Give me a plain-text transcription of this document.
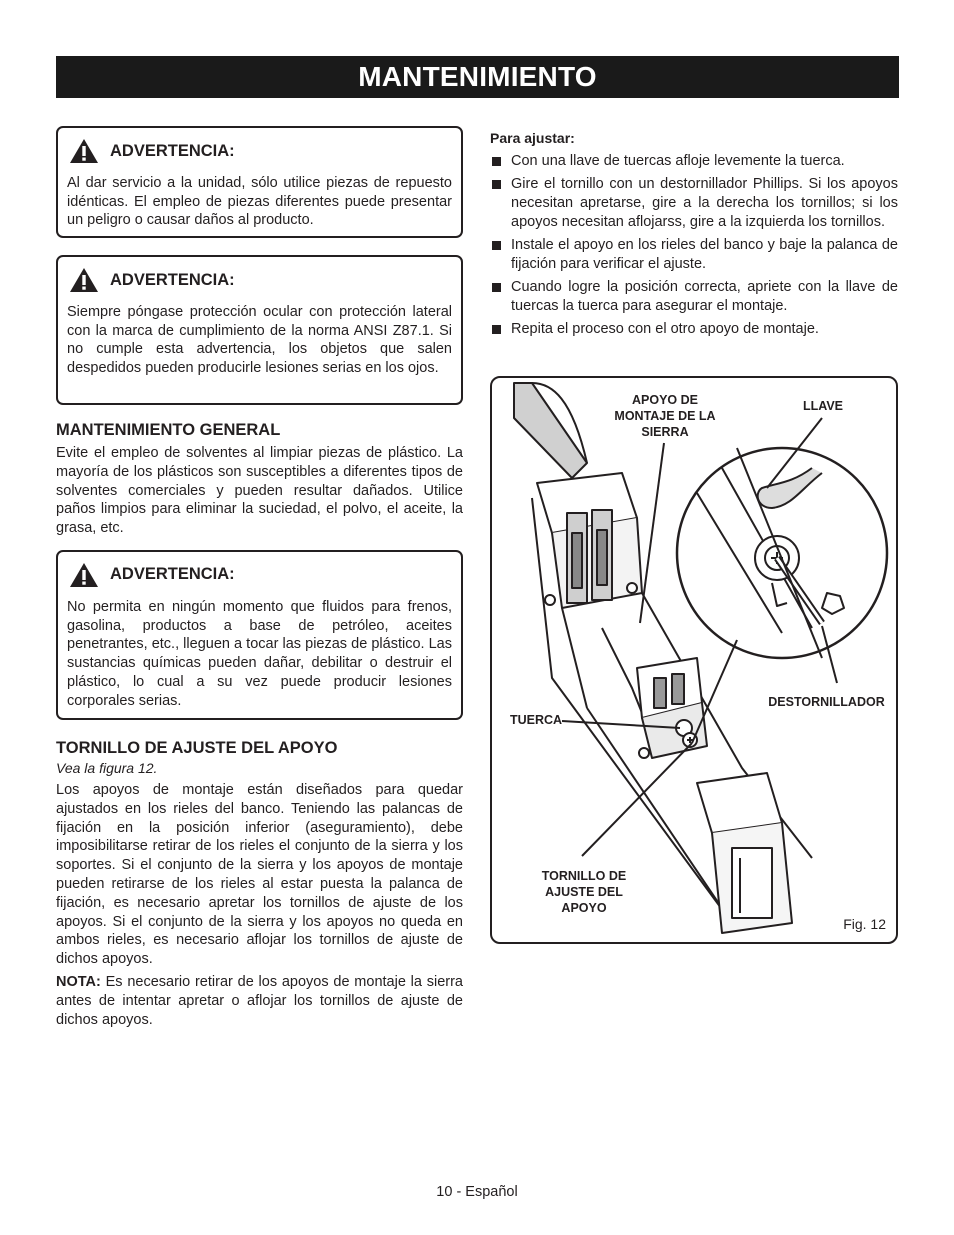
MANTENIMIENTO
ADVERTENCIA:
Al dar servicio a la unidad, sólo utilice piezas de repuesto idénticas. El empleo de piezas diferentes puede presentar un peligro o causar daños al producto.
ADVERTENCIA:
Siempre póngase protección ocular con protección lateral con la marca de cumplimiento de la norma ANSI Z87.1. Si no cumple esta advertencia, los objetos que salen despedidos pueden producirle lesiones serias en los ojos.
MANTENIMIENTO GENERAL
Evite el empleo de solventes al limpiar piezas de plástico. La mayoría de los plásticos son susceptibles a diferentes tipos de solventes comerciales y pueden resultar dañados. Utilice paños limpios para eliminar la suciedad, el polvo, el aceite, la grasa, etc.
ADVERTENCIA:
No permita en ningún momento que fluidos para frenos, gasolina, productos a base de petróleo, aceites penetrantes, etc., lleguen a tocar las piezas de plástico. Las sustancias químicas pueden dañar, debilitar o destruir el plástico, lo cual a su vez puede producir lesiones corporales serias.
TORNILLO DE AJUSTE DEL APOYO
Vea la figura 12.
Los apoyos de montaje están diseñados para quedar ajustados en los rieles del banco. Teniendo las palancas de fijación en la posición inferior (aseguramiento), debe imposibilitarse retirar de los rieles el conjunto de la sierra y los soportes. Si el conjunto de la sierra y los apoyos de montaje pueden retirarse de los rieles al estar puesta la palanca de fijación, es necesario apretar los tornillos de ajuste de los apoyos. Si el conjunto de la sierra y los apoyos no queda en ambos rieles, es necesario aflojar los tornillos de ajuste de dichos apoyos.
NOTA: Es necesario retirar de los apoyos de montaje la sierra antes de intentar apretar o aflojar los tornillos de ajuste de dichos apoyos.
Para ajustar:
Con una llave de tuercas afloje levemente la tuerca.
Gire el tornillo con un destornillador Phillips. Si los apoyos necesitan apretarse, gire a la derecha los tornillos; si los apoyos necesitan aflojarss, gire a la izquierda los tornillos.
Instale el apoyo en los rieles del banco y baje la palanca de fijación para verificar el ajuste.
Cuando logre la posición correcta, apriete con la llave de tuercas la tuerca para asegurar el montaje.
Repita el proceso con el otro apoyo de montaje.
APOYO DE MONTAJE DE LA SIERRA
LLAVE
DESTORNILLADOR
TUERCA
TORNILLO DE AJUSTE DEL APOYO
Fig. 12
10 - Español
